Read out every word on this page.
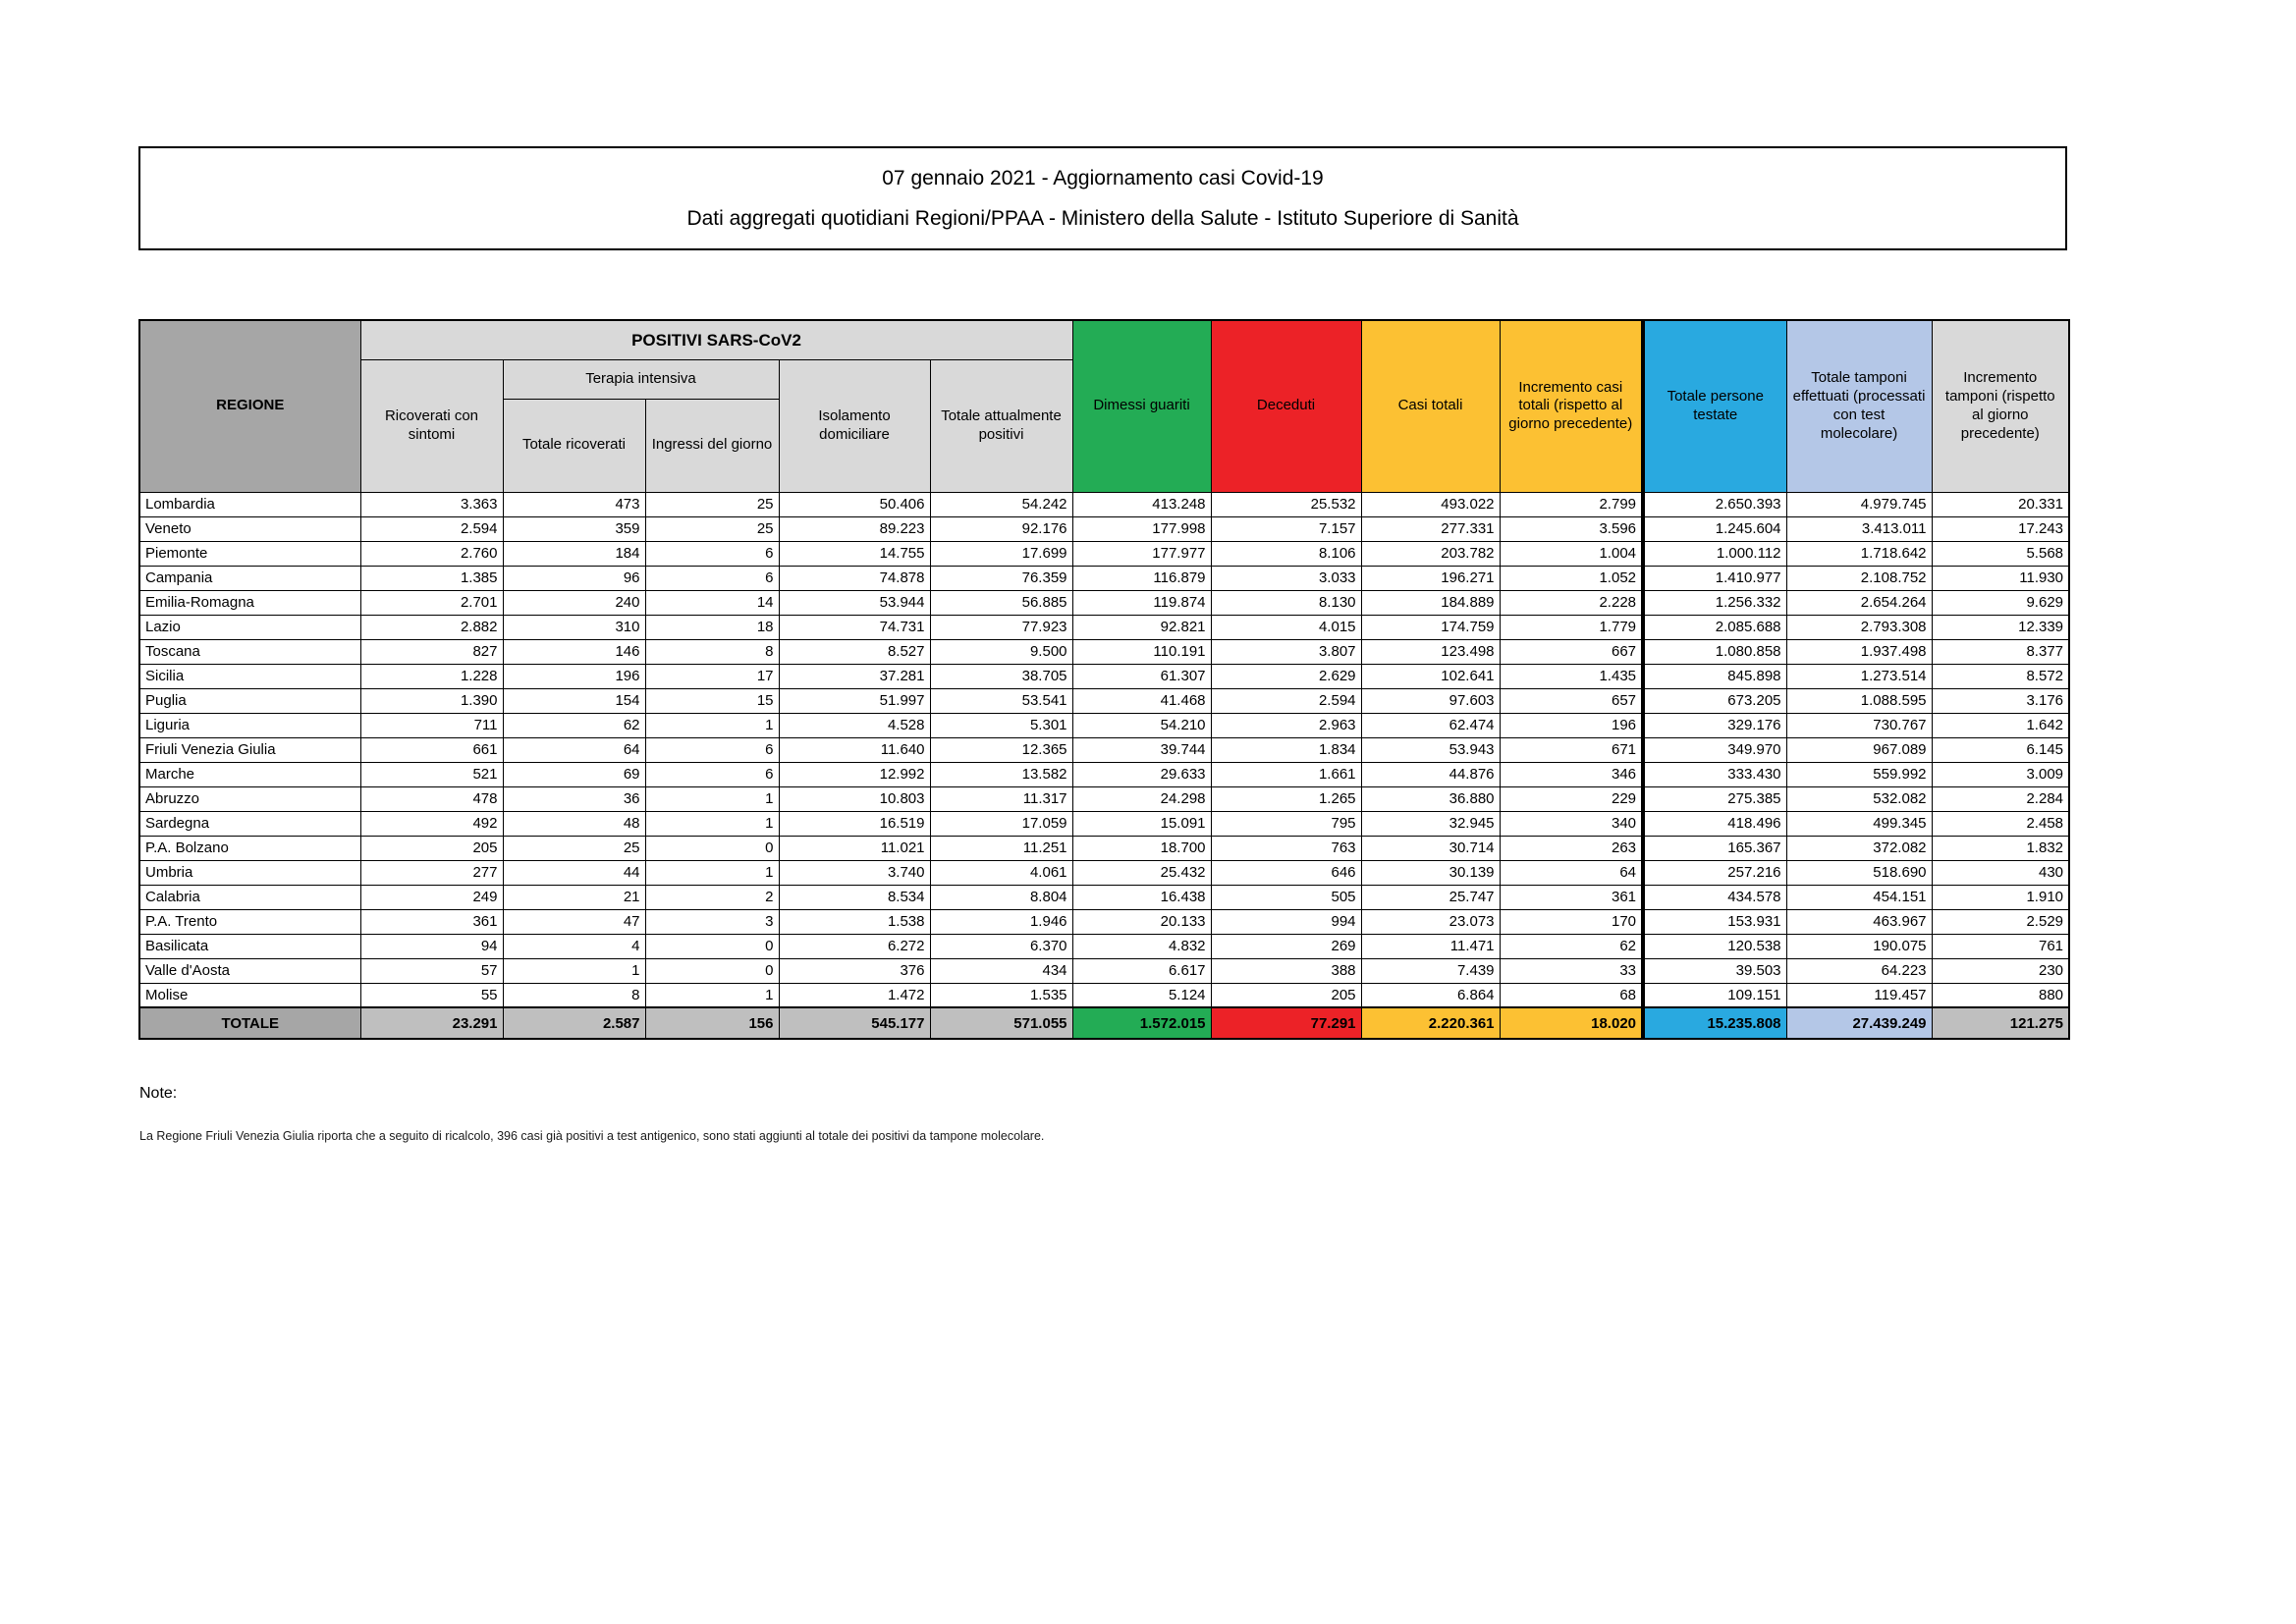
07 gennaio 2021 - Aggiornamento casi Covid-19
Dati aggregati quotidiani Regioni/PPAA - Ministero della Salute - Istituto Superiore di Sanità
REGIONE	POSITIVI SARS-CoV2					Dimessi guariti	Deceduti	Casi totali	Incremento casi totali (rispetto al giorno precedente)	Totale persone testate	Totale tamponi effettuati (processati con test molecolare)	Incremento tamponi (rispetto al giorno precedente)
	Ricoverati con sintomi	Terapia intensiva		Isolamento domiciliare	Totale attualmente positivi							
		Totale ricoverati	Ingressi del giorno									
Lombardia	3.363	473	25	50.406	54.242	413.248	25.532	493.022	2.799	2.650.393	4.979.745	20.331
Veneto	2.594	359	25	89.223	92.176	177.998	7.157	277.331	3.596	1.245.604	3.413.011	17.243
Piemonte	2.760	184	6	14.755	17.699	177.977	8.106	203.782	1.004	1.000.112	1.718.642	5.568
Campania	1.385	96	6	74.878	76.359	116.879	3.033	196.271	1.052	1.410.977	2.108.752	11.930
Emilia-Romagna	2.701	240	14	53.944	56.885	119.874	8.130	184.889	2.228	1.256.332	2.654.264	9.629
Lazio	2.882	310	18	74.731	77.923	92.821	4.015	174.759	1.779	2.085.688	2.793.308	12.339
Toscana	827	146	8	8.527	9.500	110.191	3.807	123.498	667	1.080.858	1.937.498	8.377
Sicilia	1.228	196	17	37.281	38.705	61.307	2.629	102.641	1.435	845.898	1.273.514	8.572
Puglia	1.390	154	15	51.997	53.541	41.468	2.594	97.603	657	673.205	1.088.595	3.176
Liguria	711	62	1	4.528	5.301	54.210	2.963	62.474	196	329.176	730.767	1.642
Friuli Venezia Giulia	661	64	6	11.640	12.365	39.744	1.834	53.943	671	349.970	967.089	6.145
Marche	521	69	6	12.992	13.582	29.633	1.661	44.876	346	333.430	559.992	3.009
Abruzzo	478	36	1	10.803	11.317	24.298	1.265	36.880	229	275.385	532.082	2.284
Sardegna	492	48	1	16.519	17.059	15.091	795	32.945	340	418.496	499.345	2.458
P.A. Bolzano	205	25	0	11.021	11.251	18.700	763	30.714	263	165.367	372.082	1.832
Umbria	277	44	1	3.740	4.061	25.432	646	30.139	64	257.216	518.690	430
Calabria	249	21	2	8.534	8.804	16.438	505	25.747	361	434.578	454.151	1.910
P.A. Trento	361	47	3	1.538	1.946	20.133	994	23.073	170	153.931	463.967	2.529
Basilicata	94	4	0	6.272	6.370	4.832	269	11.471	62	120.538	190.075	761
Valle d'Aosta	57	1	0	376	434	6.617	388	7.439	33	39.503	64.223	230
Molise	55	8	1	1.472	1.535	5.124	205	6.864	68	109.151	119.457	880
TOTALE	23.291	2.587	156	545.177	571.055	1.572.015	77.291	2.220.361	18.020	15.235.808	27.439.249	121.275
Note:
La Regione Friuli Venezia Giulia riporta che a seguito di ricalcolo, 396 casi già positivi a test antigenico, sono stati aggiunti al totale dei positivi da tampone molecolare.
